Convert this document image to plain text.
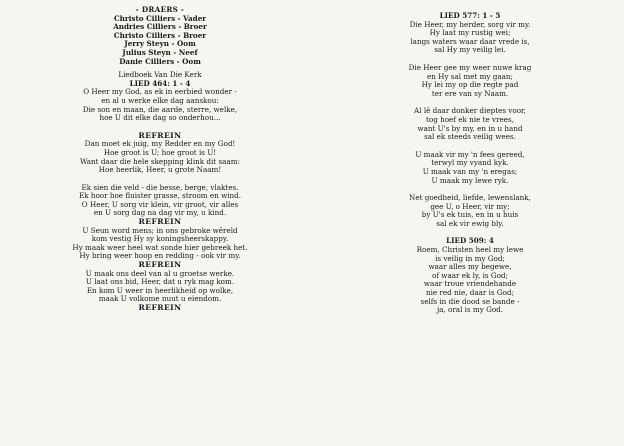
- DRAERS -
Christo Cilliers - Vader
Andries Cilliers - Broer
Christo Cilliers - Broer
Jerry Steyn - Oom
Julius Steyn - Neef
Danie Cilliers - Oom
Liedboek Van Die Kerk
LIED 464: 1 - 4
O Heer my God, as ek in eerbied wonder -
en al u werke elke dag aanskou:
Die son en maan, die aarde, sterre, welke,
hoe U dit elke dag so onderhou...
REFREIN
Dan moet ek juig, my Redder en my God!
Hoe groot is U; hoe groot is U!
Want daar die hele skepping klink dit saam:
Hoe heerlik, Heer, u grote Naam!
Ek sien die veld - die besse, berge, vlaktes.
Ek hoor hoe fluister grasse, stroom en wind.
O Heer, U sorg vir klein, vir groot, vir alles
en U sorg dag na dag vir my, u kind.
REFREIN
U Seun word mens; in ons gebroke wêreld
kom vestig Hy sy koningsheerskappy.
Hy maak weer heel wat sonde hier gebreek het.
Hy bring weer hoop en redding - ook vir my.
REFREIN
U maak ons deel van al u groetse werke.
U laat ons bid, Heer, dat u ryk mag kom.
En kom U weer in heerlikheid op wolke,
maak U volkome nuut u eiendom.
REFREIN
LIED 577: 1 - 5
Die Heer, my herder, sorg vir my.
Hy laat my rustig wei;
langs waters waar daar vrede is,
sal Hy my veilig lei.
Die Heer gee my weer nuwe krag
en Hy sal met my gaan;
Hy lei my op die regte pad
ter ere van sy Naam.
Al lê daar donker dieptes voor,
tog hoef ek nie te vrees,
want U's by my, en in u hand
sal ek steeds veilig wees.
U maak vir my 'n fees gereed,
terwyl my vyand kyk.
U maak van my 'n eregas;
U maak my lewe ryk.
Net goedheid, liefde, lewenslank,
gee U, o Heer, vir my;
by U's ek tuis, en in u huis
sal ek vir ewig bly.
LIED 509: 4
Roem, Christen heel my lewe
is veilig in my God;
waar alles my begewe,
of waar ek ly, is God;
waar troue vriendehande
nie red nie, daar is God;
selfs in die dood se bande -
ja, oral is my God.
